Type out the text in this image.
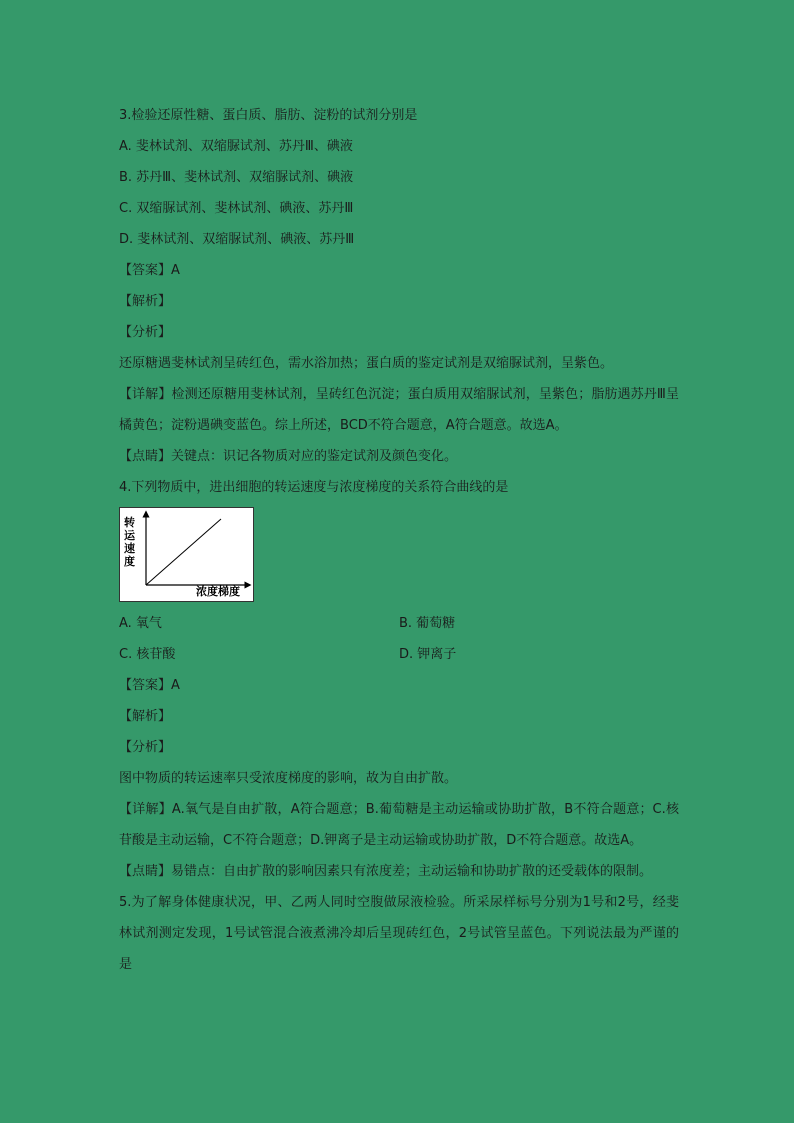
3.检验还原性糖、蛋白质、脂肪、淀粉的试剂分别是
A. 斐林试剂、双缩脲试剂、苏丹Ⅲ、碘液
B. 苏丹Ⅲ、斐林试剂、双缩脲试剂、碘液
C. 双缩脲试剂、斐林试剂、碘液、苏丹Ⅲ
D. 斐林试剂、双缩脲试剂、碘液、苏丹Ⅲ
【答案】A
【解析】
【分析】
还原糖遇斐林试剂呈砖红色，需水浴加热；蛋白质的鉴定试剂是双缩脲试剂，呈紫色。
【详解】检测还原糖用斐林试剂，呈砖红色沉淀；蛋白质用双缩脲试剂，呈紫色；脂肪遇苏丹Ⅲ呈橘黄色；淀粉遇碘变蓝色。综上所述，BCD不符合题意，A符合题意。故选A。
【点睛】关键点：识记各物质对应的鉴定试剂及颜色变化。
4.下列物质中，进出细胞的转运速度与浓度梯度的关系符合曲线的是
转运速度
浓度梯度
A. 氧气	B. 葡萄糖
C. 核苷酸	D. 钾离子
【答案】A
【解析】
【分析】
图中物质的转运速率只受浓度梯度的影响，故为自由扩散。
【详解】A.氧气是自由扩散，A符合题意；B.葡萄糖是主动运输或协助扩散，B不符合题意；C.核苷酸是主动运输，C不符合题意；D.钾离子是主动运输或协助扩散，D不符合题意。故选A。
【点睛】易错点：自由扩散的影响因素只有浓度差；主动运输和协助扩散的还受载体的限制。
5.为了解身体健康状况，甲、乙两人同时空腹做尿液检验。所采尿样标号分别为1号和2号，经斐林试剂测定发现，1号试管混合液煮沸冷却后呈现砖红色，2号试管呈蓝色。下列说法最为严谨的是
